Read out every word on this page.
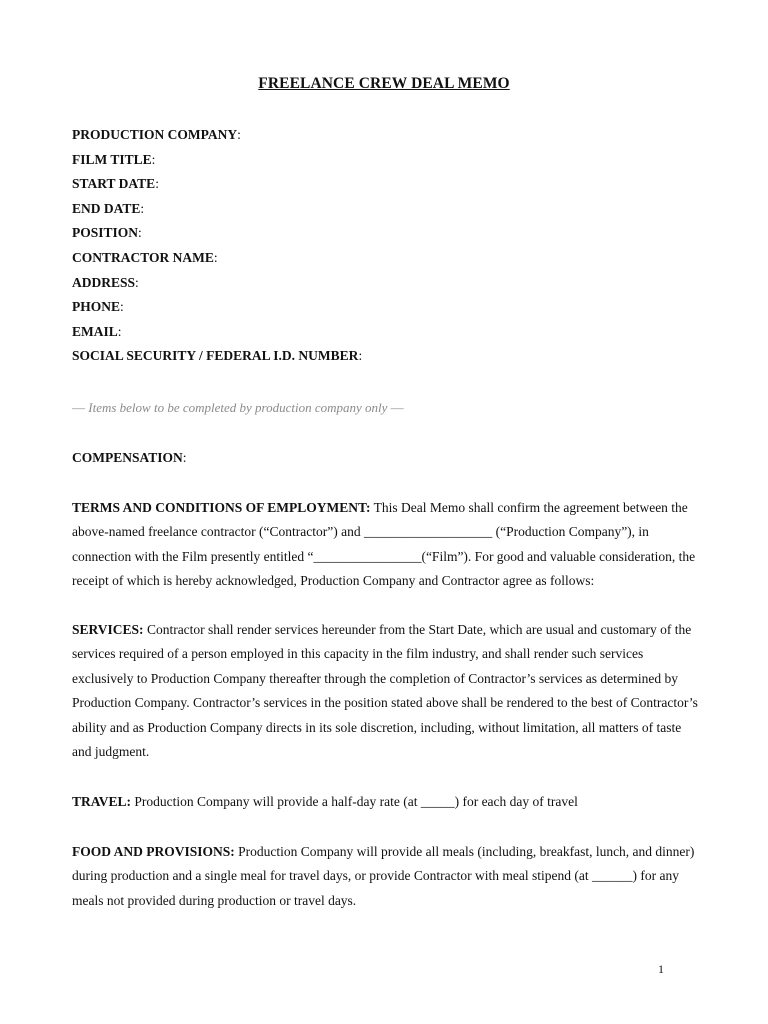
FREELANCE CREW DEAL MEMO
PRODUCTION COMPANY:
FILM TITLE:
START DATE:
END DATE:
POSITION:
CONTRACTOR NAME:
ADDRESS:
PHONE:
EMAIL:
SOCIAL SECURITY / FEDERAL I.D. NUMBER:
— Items below to be completed by production company only —
COMPENSATION:

TERMS AND CONDITIONS OF EMPLOYMENT: This Deal Memo shall confirm the agreement between the above-named freelance contractor (“Contractor”) and ___________________ (“Production Company”), in connection with the Film presently entitled “________________(“Film”). For good and valuable consideration, the receipt of which is hereby acknowledged, Production Company and Contractor agree as follows:

SERVICES: Contractor shall render services hereunder from the Start Date, which are usual and customary of the services required of a person employed in this capacity in the film industry, and shall render such services exclusively to Production Company thereafter through the completion of Contractor’s services as determined by Production Company. Contractor’s services in the position stated above shall be rendered to the best of Contractor’s ability and as Production Company directs in its sole discretion, including, without limitation, all matters of taste and judgment.

TRAVEL: Production Company will provide a half-day rate (at _____) for each day of travel

FOOD AND PROVISIONS: Production Company will provide all meals (including, breakfast, lunch, and dinner) during production and a single meal for travel days, or provide Contractor with meal stipend (at ______) for any meals not provided during production or travel days.

1
